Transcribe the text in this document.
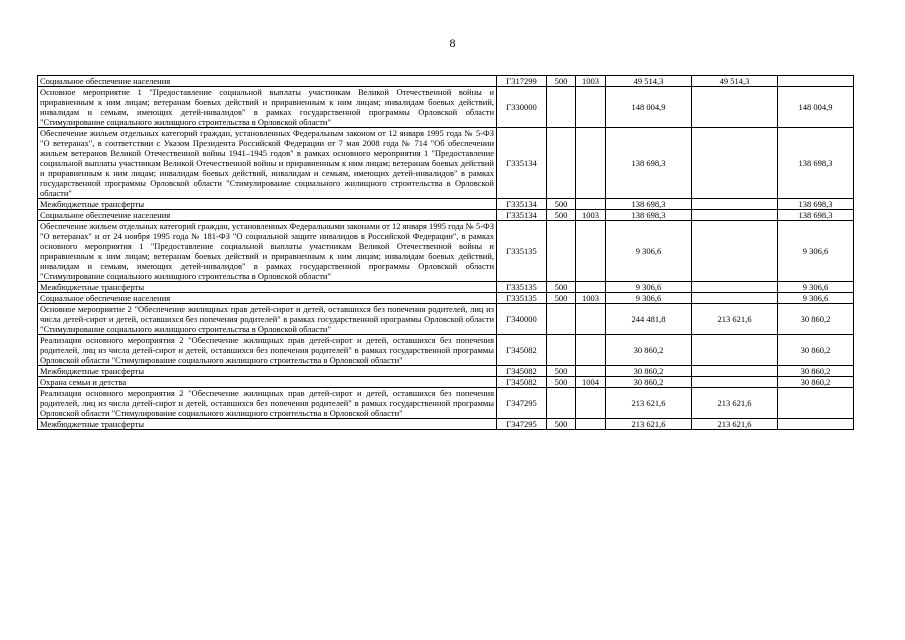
8
Социальное обеспечение населения	Г317299	500	1003	49 514,3	49 514,3	
Основное мероприятие 1 "Предоставление социальной выплаты участникам Великой Отечественной войны и приравненным к ним лицам; ветеранам боевых действий и приравненным к ним лицам; инвалидам боевых действий, инвалидам и семьям, имеющих детей-инвалидов" в рамках государственной программы Орловской области "Стимулирование социального жилищного строительства в Орловской области"	Г330000			148 004,9		148 004,9
Обеспечение жильем отдельных категорий граждан, установленных Федеральным законом от 12 января 1995 года № 5-ФЗ "О ветеранах", в соответствии с Указом Президента Российской Федерации от 7 мая 2008 года № 714 "Об обеспечении жильем ветеранов Великой Отечественной войны 1941–1945 годов" в рамках основного мероприятия 1 "Предоставление социальной выплаты участникам Великой Отечественной войны и приравненным к ним лицам; ветеранам боевых действий и приравненным к ним лицам; инвалидам боевых действий, инвалидам и семьям, имеющих детей-инвалидов" в рамках государственной программы Орловской области "Стимулирование социального жилищного строительства в Орловской области"	Г335134			138 698,3		138 698,3
Межбюджетные трансферты	Г335134	500		138 698,3		138 698,3
Социальное обеспечение населения	Г335134	500	1003	138 698,3		138 698,3
Обеспечение жильем отдельных категорий граждан, установленных Федеральными законами от 12 января 1995 года № 5-ФЗ "О ветеранах" и от 24 ноября 1995 года № 181-ФЗ "О социальной защите инвалидов в Российской Федерации", в рамках основного мероприятия 1 "Предоставление социальной выплаты участникам Великой Отечественной войны и приравненным к ним лицам; ветеранам боевых действий и приравненным к ним лицам; инвалидам боевых действий, инвалидам и семьям, имеющих детей-инвалидов" в рамках государственной программы Орловской области "Стимулирование социального жилищного строительства в Орловской области"	Г335135			9 306,6		9 306,6
Межбюджетные трансферты	Г335135	500		9 306,6		9 306,6
Социальное обеспечение населения	Г335135	500	1003	9 306,6		9 306,6
Основное мероприятие 2 "Обеспечение жилищных прав детей-сирот и детей, оставшихся без попечения родителей, лиц из числа детей-сирот и детей, оставшихся без попечения родителей" в рамках государственной программы Орловской области "Стимулирование социального жилищного строительства в Орловской области"	Г340000			244 481,8	213 621,6	30 860,2
Реализация основного мероприятия 2 "Обеспечение жилищных прав детей-сирот и детей, оставшихся без попечения родителей, лиц из числа детей-сирот и детей, оставшихся без попечения родителей" в рамках государственной программы Орловской области "Стимулирование социального жилищного строительства в Орловской области"	Г345082			30 860,2		30 860,2
Межбюджетные трансферты	Г345082	500		30 860,2		30 860,2
Охрана семьи и детства	Г345082	500	1004	30 860,2		30 860,2
Реализация основного мероприятия 2 "Обеспечение жилищных прав детей-сирот и детей, оставшихся без попечения родителей, лиц из числа детей-сирот и детей, оставшихся без попечения родителей" в рамках государственной программы Орловской области "Стимулирование социального жилищного строительства в Орловской области"	Г347295			213 621,6	213 621,6	
Межбюджетные трансферты	Г347295	500		213 621,6	213 621,6	
